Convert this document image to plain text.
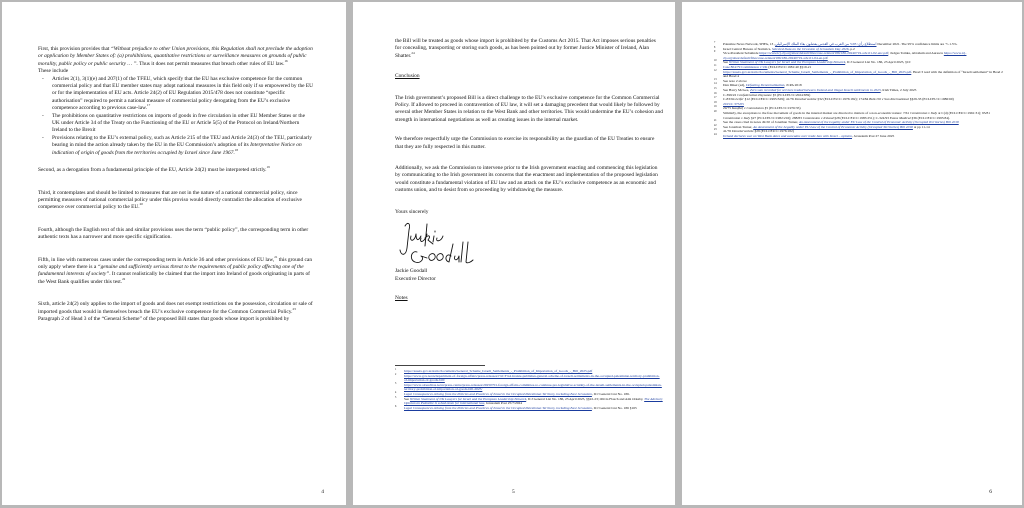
First, this provision provides that “Without prejudice to other Union provisions, this Regulation shall not preclude the adoption or application by Member States of: (a) prohibitions, quantitative restrictions or surveillance measures on grounds of public morality, public policy or public security … ”. Thus it does not permit measures that breach other rules of EU law.$^{16}$

These include

- Articles 2(1), 3(1)(e) and 207(1) of the TFEU, which specify that the EU has exclusive competence for the common commercial policy and that EU member states may adopt national measures in this field only if so empowered by the EU or for the implementation of EU acts. Article 24(2) of EU Regulation 2015/478 does not constitute “specific authorisation” required to permit a national measure of commercial policy derogating from the EU’s exclusive competence according to previous case-law.$^{17}$
- The prohibitions on quantitative restrictions on imports of goods in free circulation in other EU Member States or the UK under Article 34 of the Treaty on the Functioning of the EU or Article 5(5) of the Protocol on Ireland/Northern Ireland to the Brexit
- Provisions relating to the EU’s external policy, such as Article 215 of the TEU and Article 24(3) of the TEU, particularly bearing in mind the action already taken by the EU in the EU Commission’s adoption of its Interpretative Notice on indication of origin of goods from the territories occupied by Israel since June 1967.18

Second, as a derogation from a fundamental principle of the EU, Article 24(2) must be interpreted strictly.$^{19}$

Third, it contemplates and should be limited to measures that are not in the nature of a national commercial policy, since permitting measures of national commercial policy under this proviso would directly contradict the allocation of exclusive competence over commercial policy to the EU.$^{20}$

Fourth, although the English text of this and similar provisions uses the term “public policy”, the corresponding term in other authentic texts has a narrower and more specific signification.

Fifth, in line with numerous cases under the corresponding term in Article 36 and other provisions of EU law,$^{21}$ this ground can only apply where there is a “genuine and sufficiently serious threat to the requirements of public policy affecting one of the fundamental interests of society”. It cannot realistically be claimed that the import into Ireland of goods originating in parts of the West Bank qualifies under this test.$^{22}$

Sixth, article 24(2) only applies to the import of goods and does not exempt restrictions on the possession, circulation or sale of imported goods that would in themselves breach the EU’s exclusive competence for the Common Commercial Policy.$^{23}$ Paragraph 2 of Head 3 of the “General Scheme” of the proposed Bill states that goods whose import is prohibited by

4

the Bill will be treated as goods whose import is prohibited by the Customs Act 2015. That Act imposes serious penalties for concealing, transporting or storing such goods, as has been pointed out by former Justice Minister of Ireland, Alan Shatter.$^{24}$

Conclusion

The Irish government’s proposed Bill is a direct challenge to the EU’s exclusive competence for the Common Commercial Policy. If allowed to proceed in contravention of EU law, it will set a damaging precedent that would likely be followed by several other Member States in relation to the West Bank and other territories. This would undermine the EU’s cohesion and strength in international negotiations as well as creating issues in the internal market.

We therefore respectfully urge the Commission to exercise its responsibility as the guardian of the EU Treaties to ensure that they are fully respected in this matter.

Additionally, we ask the Commission to intervene prior to the Irish government enacting and commencing this legislation by communicating to the Irish government its concerns that the enactment and implementation of the proposed legislation would constitute a fundamental violation of EU law and an attack on the EU’s exclusive competence as an economic and customs union, and to desist from so proceeding by withdrawing the measure.

Yours sincerely

Jackie Goodall

Executive Director

Notes

1 https://assets.gov.ie/static/documents/General_Scheme_Israeli_Settlements_-_Prohibition_of_Importation_of_Goods_-_Bill_2025.pdf
2 https://www.gov.ie/en/department-of-foreign-affairs/press-releases/t%C3%A1naiste-publishes-general-scheme-of-israeli-settlements-in-the-occupied-palestinian-territory-prohibition-of-importation-of-goods-bill/
3 https://www.oireachtas.ie/en/press-centre/press-releases/20250701-foreign-affairs-committee-to-continue-pre-legislative-scrutiny-of-the-israeli-settlements-in-the-occupied-palestinian-territory-prohibition-of-importation-of-goods-bill-2025/
4 Legal Consequences Arising from the Policies and Practices of Israel in the Occupied Palestinian Territory, including East Jerusalem, ICJ General List No. 186.
5 See Written Statement of UK Lawyers for Israel and the European Leadership Network, ICJ General List No. 186, 23 April 2025, §§22-23; Olivia Flasch and Ami Orkaby, The Advisory Opinion on Palestine is a bad omen for international law, Jerusalem Post 25/7/2024
6 Legal Consequences Arising from the Policies and Practices of Israel in the Occupied Palestinian Territory, including East Jerusalem, ICJ General List No. 186 §165
5
7 Palestine News Network, SHFA, استطلاع رأي: 93% من العرب في القدس يفضلون بقاء الملك الإسرائيلي, 13 December 2021. The 95% confidence limits are +/-1.5%.
8 Israel Central Bureau of Statistics, Selected Data on the Occasion of Jerusalem Day 2026, p.2
9 Vice-President Sebutinde https://www.icj-cij.org/sites/default/files/case-related/186/186-20240719-adv-01-02-enc.pdf; Judges Tomka, Abraham and Aurescu https://www.icj-cij.org/sites/default/files/case-related/186/186-20240719-adv-01-04-en.pdf
10 See Written Statement of UK Lawyers for Israel and the European Leadership Network, ICJ General List No. 186, 23 April 2025, §10
11 Case 804/79 Commission v UK (ECLI:EU:C:1981:40 §§19-21
12 https://assets.gov.ie/static/documents/General_Scheme_Israeli_Settlements_-_Prohibition_of_Importation_of_Goods_-_Bill_2025.pdf. Head 3 read with the definition of “Israeli settlement” in Head 2 and Head 4
13 See note 2 above
14 Dan Diker (ed), Defeating Denormalization, JCPA 2018
15 See Harry McGee, Zero sum recorded for services traded between Ireland and illegal Israeli settlements in 2023, Irish Times, 2 July 2025
16 C-399/22 Confederation Paysanne §5 (ECLI:EU:C:2024:839)
17 C-83/94 Leifer §12 (ECLI:EU:C:1995:329); 41/76 Donckerwolcke §32 (ECLI:EU:C:1976:182); 174/84 Bulk Oil v Sun International §§29-33 (ECLI:EU:C:1986:60)
18 2015/C 375/05
19 29/75 Kaufhof v Commission §5 (ECLI:EU:C:1976:35)
20 Similarly, the exceptions to the free movement of goods in the internal market are directed to matters of a non-economic nature: 7/61 Commission v Italy at C(d) (ECLI:EU:C:1961:31); 95/81 Commission v Italy §27 (ECLI:EU:C:1982:216); 288/83 Commission v Ireland §28 (ECLI:EU:C:1985:251); C-324/93 Evans Medical §36 (ECLI:EU:C:1995:84).
21 See the cases cited in notes 49-50 of Jonathan Turner, An Assessment of the Legality under EU Law of the Control of Economic Activity (Occupied Territories) Bill 2018
22 See Jonathan Turner, An Assessment of the Legality under EU Law of the Control of Economic Activity (Occupied Territories) Bill 2018 at pp 11-14
23 41/76 Donckerwolcke §29 (ECLI:EU:C:1976:182)
24 Ireland declares war on West Bank dates and avocados over trade ban with Israel – opinion, Jerusalem Post 27 June 2025
6
